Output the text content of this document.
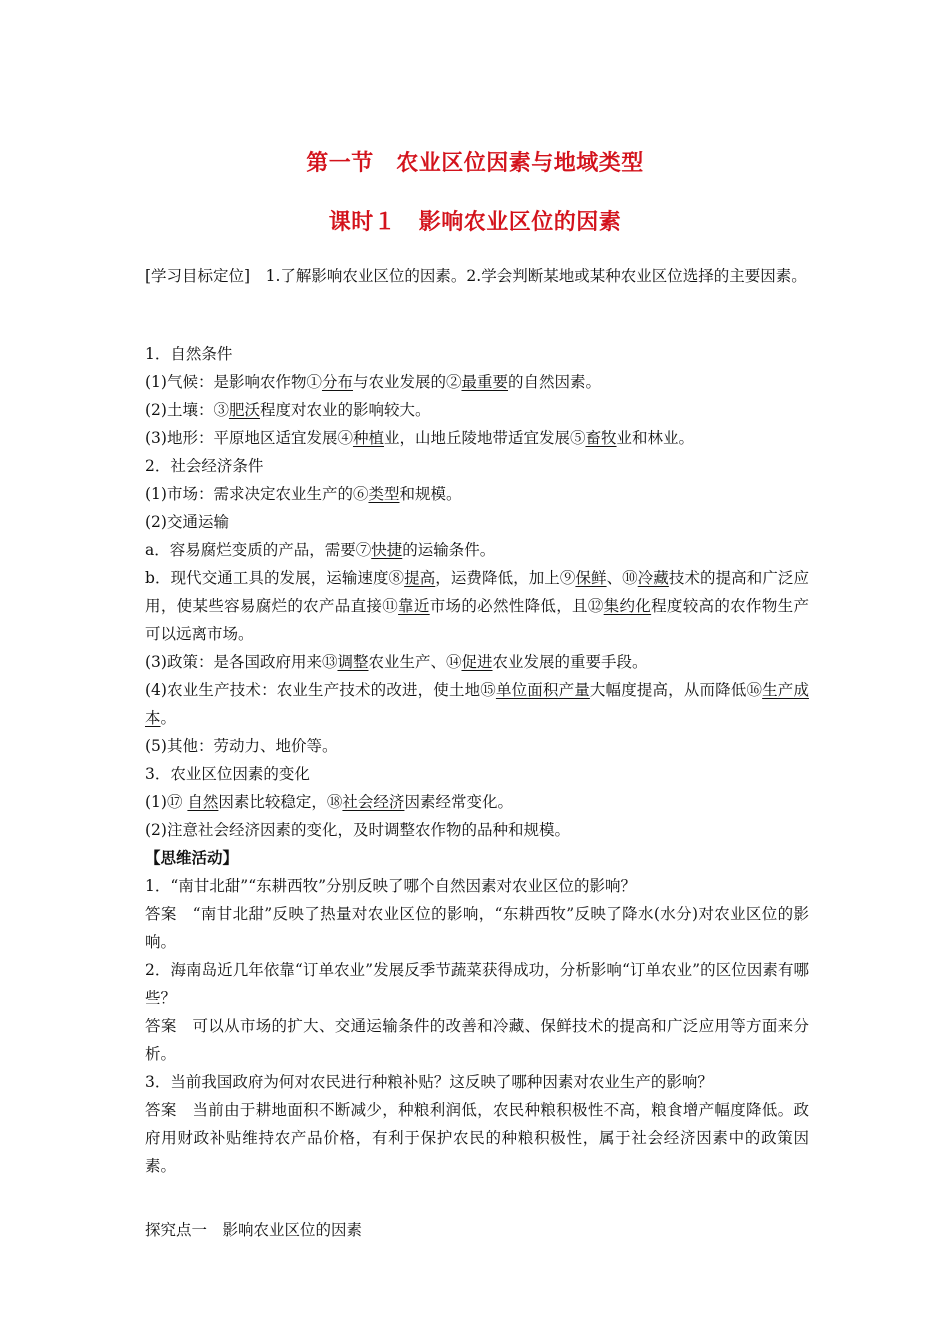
第一节　农业区位因素与地域类型
课时１　影响农业区位的因素

[学习目标定位]　1.了解影响农业区位的因素。2.学会判断某地或某种农业区位选择的主要因素。

1．自然条件

(1)气候：是影响农作物①分布与农业发展的②最重要的自然因素。

(2)土壤：③肥沃程度对农业的影响较大。

(3)地形：平原地区适宜发展④种植业，山地丘陵地带适宜发展⑤畜牧业和林业。

2．社会经济条件

(1)市场：需求决定农业生产的⑥类型和规模。

(2)交通运输

a．容易腐烂变质的产品，需要⑦快捷的运输条件。

b．现代交通工具的发展，运输速度⑧提高，运费降低，加上⑨保鲜、⑩冷藏技术的提高和广泛应用，使某些容易腐烂的农产品直接⑪靠近市场的必然性降低，且⑫集约化程度较高的农作物生产可以远离市场。

(3)政策：是各国政府用来⑬调整农业生产、⑭促进农业发展的重要手段。

(4)农业生产技术：农业生产技术的改进，使土地⑮单位面积产量大幅度提高，从而降低⑯生产成本。

(5)其他：劳动力、地价等。

3．农业区位因素的变化

(1)⑰ 自然因素比较稳定，⑱社会经济因素经常变化。

(2)注意社会经济因素的变化，及时调整农作物的品种和规模。

【思维活动】

1．“南甘北甜”“东耕西牧”分别反映了哪个自然因素对农业区位的影响？

答案　“南甘北甜”反映了热量对农业区位的影响，“东耕西牧”反映了降水(水分)对农业区位的影响。

2．海南岛近几年依靠“订单农业”发展反季节蔬菜获得成功，分析影响“订单农业”的区位因素有哪些？

答案　可以从市场的扩大、交通运输条件的改善和冷藏、保鲜技术的提高和广泛应用等方面来分析。

3．当前我国政府为何对农民进行种粮补贴？这反映了哪种因素对农业生产的影响？

答案　当前由于耕地面积不断减少，种粮利润低，农民种粮积极性不高，粮食增产幅度降低。政府用财政补贴维持农产品价格，有利于保护农民的种粮积极性，属于社会经济因素中的政策因素。

探究点一　影响农业区位的因素
